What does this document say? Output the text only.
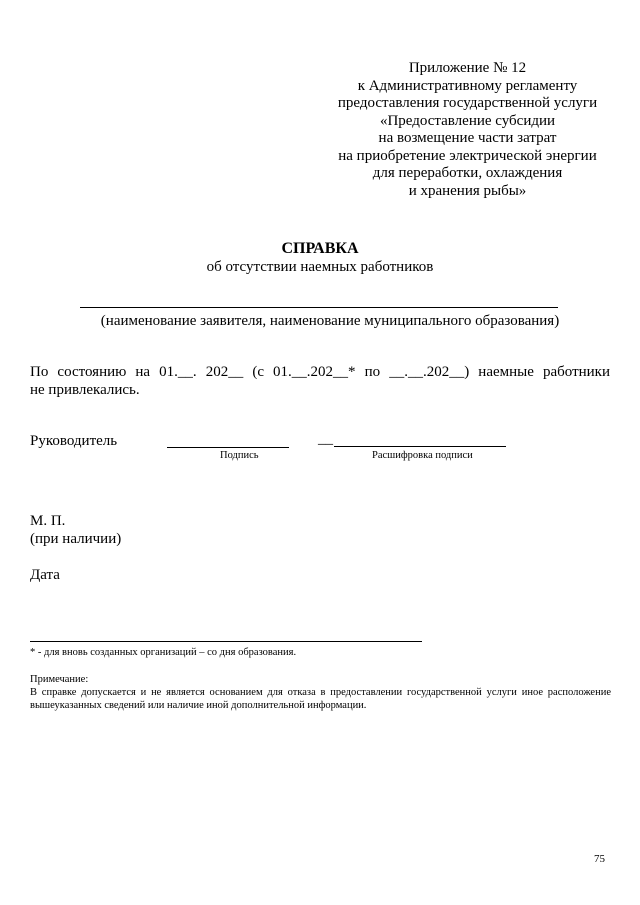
Приложение № 12
к Административному регламенту
предоставления государственной услуги
«Предоставление субсидии
на возмещение части затрат
на приобретение электрической энергии
для переработки, охлаждения
и хранения рыбы»
СПРАВКА
об отсутствии наемных работников
(наименование заявителя, наименование муниципального образования)
По состоянию на 01.__. 202__ (с 01.__.202__* по __.__.202__) наемные работники
не привлекались.
Руководитель	__
Подпись	Расшифровка подписи
М. П.
(при наличии)
Дата
* - для вновь созданных организаций – со дня образования.
Примечание:
В справке допускается и не является основанием для отказа в предоставлении государственной услуги иное расположение вышеуказанных сведений или наличие иной дополнительной информации.
75
